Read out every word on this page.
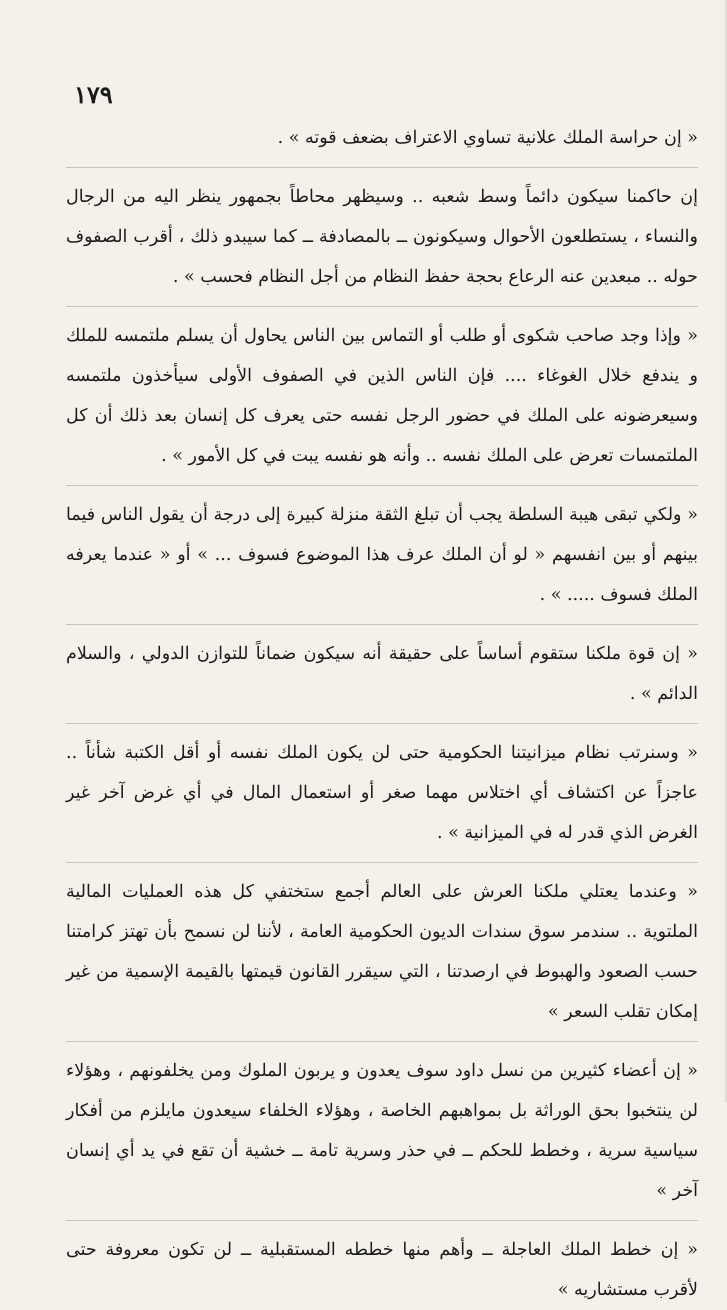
١٧٩

« إن حراسة الملك علانية تساوي الاعتراف بضعف قوته » .

إن حاكمنا سيكون دائماً وسط شعبه .. وسيظهر محاطاً بجمهور ينظر اليه من الرجال والنساء ، يستطلعون الأحوال وسيكونون ــ بالمصادفة ــ كما سيبدو ذلك ، أقرب الصفوف حوله .. مبعدين عنه الرعاع بحجة حفظ النظام من أجل النظام فحسب » .

« وإذا وجد صاحب شكوى أو طلب أو التماس بين الناس يحاول أن يسلم ملتمسه للملك و يندفع خلال الغوغاء .... فإن الناس الذين في الصفوف الأولى سيأخذون ملتمسه وسيعرضونه على الملك في حضور الرجل نفسه حتى يعرف كل إنسان بعد ذلك أن كل الملتمسات تعرض على الملك نفسه .. وأنه هو نفسه يبت في كل الأمور » .

« ولكي تبقى هيبة السلطة يجب أن تبلغ الثقة منزلة كبيرة إلى درجة أن يقول الناس فيما بينهم أو بين انفسهم « لو أن الملك عرف هذا الموضوع فسوف ... » أو « عندما يعرفه الملك فسوف ..... » .

« إن قوة ملكنا ستقوم أساساً على حقيقة أنه سيكون ضماناً للتوازن الدولي ، والسلام الدائم » .

« وسنرتب نظام ميزانيتنا الحكومية حتى لن يكون الملك نفسه أو أقل الكتبة شأناً .. عاجزاً عن اكتشاف أي اختلاس مهما صغر أو استعمال المال في أي غرض آخر غير الغرض الذي قدر له في الميزانية » .

« وعندما يعتلي ملكنا العرش على العالم أجمع ستختفي كل هذه العمليات المالية الملتوية .. سندمر سوق سندات الديون الحكومية العامة ، لأننا لن نسمح بأن تهتز كرامتنا حسب الصعود والهبوط في ارصدتنا ، التي سيقرر القانون قيمتها بالقيمة الإسمية من غير إمكان تقلب السعر »

« إن أعضاء كثيرين من نسل داود سوف يعدون و يربون الملوك ومن يخلفونهم ، وهؤلاء لن ينتخبوا بحق الوراثة بل بمواهبهم الخاصة ، وهؤلاء الخلفاء سيعدون مايلزم من أفكار سياسية سرية ، وخطط للحكم ــ في حذر وسرية تامة ــ خشية أن تقع في يد أي إنسان آخر »

« إن خطط الملك العاجلة ــ وأهم منها خططه المستقبلية ــ لن تكون معروفة حتى لأقرب مستشاريه »
